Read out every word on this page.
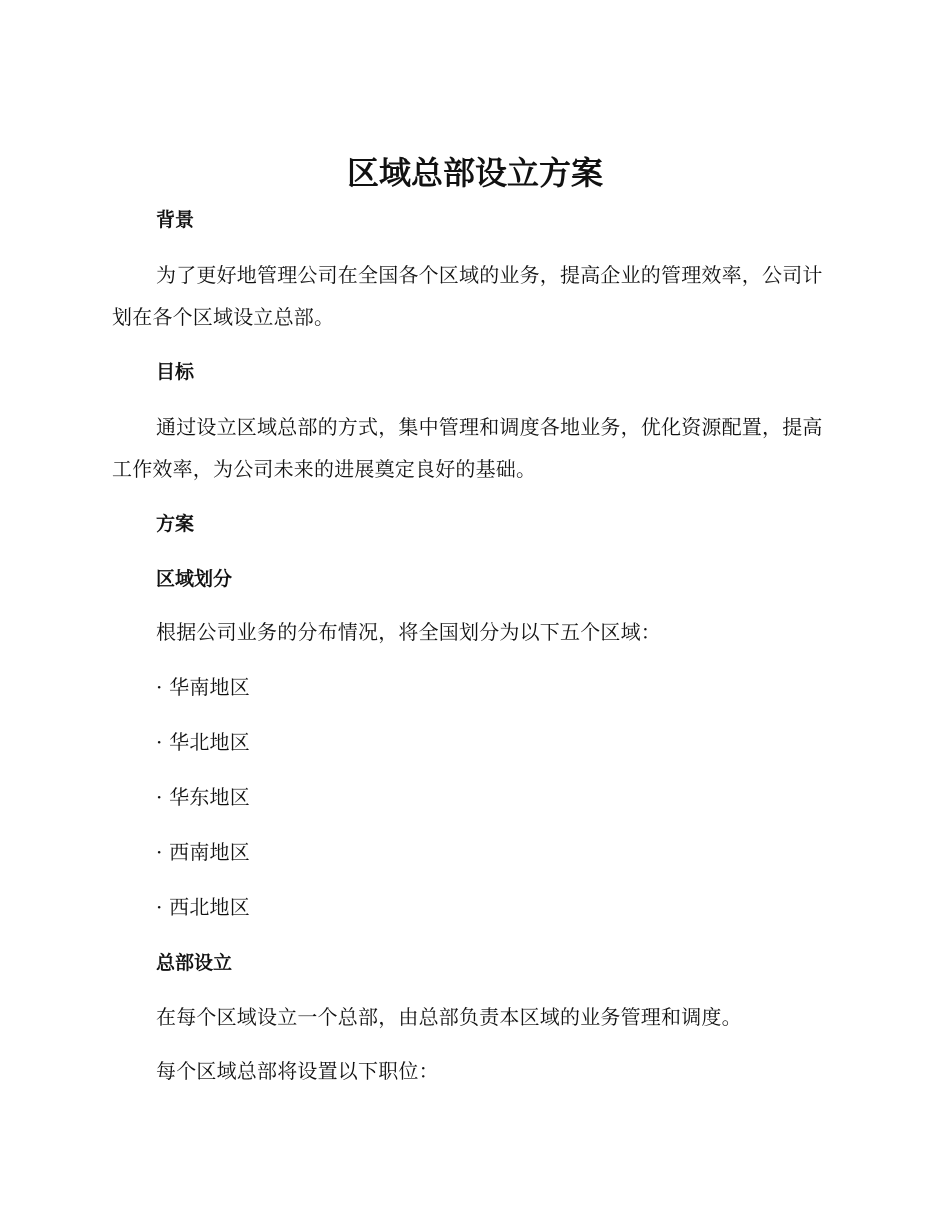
区域总部设立方案
背景

为了更好地管理公司在全国各个区域的业务，提高企业的管理效率，公司计划在各个区域设立总部。

目标

通过设立区域总部的方式，集中管理和调度各地业务，优化资源配置，提高工作效率，为公司未来的进展奠定良好的基础。

方案
区域划分

根据公司业务的分布情况，将全国划分为以下五个区域：

· 华南地区

· 华北地区

· 华东地区

· 西南地区

· 西北地区

总部设立

在每个区域设立一个总部，由总部负责本区域的业务管理和调度。

每个区域总部将设置以下职位：
